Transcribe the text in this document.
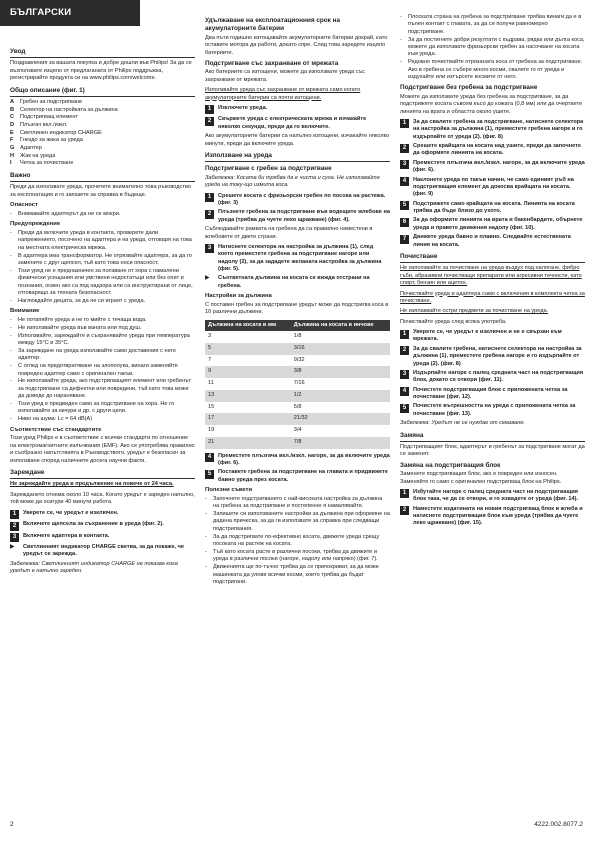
БЪЛГАРСКИ
Увод

Поздравления за вашата покупка и добре дошли във Philips! За да се възползвате изцяло от предлаганата от Philips поддръжка, регистрирайте продукта си на www.philips.com/welcome.

Общо описание (фиг. 1)
A	Гребен за подстригване
B	Селектор на настройката за дължина
C	Подстригващ елемент
D	Плъзгач вкл./изкл.
E	Светлинен индикатор CHARGE
F	Гнездо за жака за уреда
G	Адаптер
H	Жак на уреда
I	Четка за почистване
Важно

Преди да използвате уреда, прочетете внимателно това ръководство за експлоатация и го запазете за справка в бъдеще.

Опасност
- Внимавайте адаптерът да не се мокри.
Предупреждение
- Преди да включите уреда в контакта, проверете дали напрежението, посочено на адаптера и на уреда, отговаря на това на местната електрическа мрежа.
- В адаптера има трансформатор. Не отрязвайте адаптера, за да го замените с друг щепсел, тъй като това носи опасност.
- Този уред не е предназначен за ползване от хора с намалени физически усещания или умствени недостатъци или без опит и познания, освен ако са под надзора или са инструктирани от лице, отговарящо за тяхната безопасност.
- Наглеждайте децата, за да не си играят с уреда.
Внимание
- Не потапяйте уреда и не го мийте с течаща вода.
- Не използвайте уреда във ваната или под душ.
- Използвайте, зареждайте и съхранявайте уреда при температура между 15°C и 35°C.
- За зареждане на уреда използвайте само доставения с него адаптер.
- С оглед на предотвратяване на злополука, винаги заменяйте повреден адаптер само с оригинален такъв.
- Не използвайте уреда, ако подстригващият елемент или гребенът за подстригване са дефектни или повредени, тъй като това може да доведе до нараняване.
- Този уред е предвиден само за подстригване на хора. Не го използвайте за кичури и др. с други цели.
- Ниво на шума: Lc = 64 dB(A)
Съответствие със стандартите

Този уред Philips е в съответствие с всички стандарти по отношение на електромагнитните излъчвания (EMF). Ако се употребява правилно и съобразно напътствията в Ръководството, уредът е безопасен за използване според наличните досега научни факти.

Зареждане

Не зареждайте уреда в продължение на повече от 24 часа.

Зареждането отнема около 10 часа. Когато уредът е зареден напълно, той може да осигури 40 минути работа.

1	Уверете се, че уредът е изключен.
2	Включете щепсела за съхранение в уреда (фиг. 2).
3	Включете адаптера в контакта.
▶	Светлинният индикатор CHARGE светва, за да покаже, че уредът се зарежда.

Забележка: Светлинният индикатор CHARGE не показва кога уредът е напълно зареден.

Удължаване на експлоатационния срок на акумулаторните батерии

Два пъти годишно изтощавайте акумулаторните батерии докрай, като оставите моторa да работи, докато спре. След това заредете изцяло батериите.

Подстригване със захранване от мрежата

Ако батериите са изтощени, можете да използвате уреда със захранване от мрежата.

Използвайте уреда със захранване от мрежата само когато акумулаторните батерии са почти изтощени.

1	Изключете уреда.
2	Свържете уреда с електрическата мрежа и изчакайте няколко секунди, преди да го включите.

Ако акумулаторните батерии са напълно изтощени, изчакайте няколко минути, преди да включите уреда.

Използване на уреда
Подстригване с гребен за подстригване

Забележка: Косата би трябва да е чиста и суха. Не използвайте уреда на току-що измита коса.

1	Срешете косата с фризьорски гребен по посока на растежа. (фиг. 3)
2	Плъзнете гребена за подстригване във водещите жлебове на уреда (трябва да чуете леко щракване) (фиг. 4).

Съблюдавайте рамката на гребена да са правилно наместени в жлебовете от двете страни.

3	Натиснете селектора на настройка за дължина (1), след което преместете гребена за подстригване нагоре или надолу (2), за да зададете желаната настройка за дължина (фиг. 5).
▶	Съответната дължина на косата се вижда отстрани на гребена.
Настройки за дължина

С поставен гребен за подстригване уредът може да подстригва коса в 10 различни дължини.

Дължина на косата в мм	Дължина на косата в инчове
3	1/8
5	3/16
7	9/32
9	3/8
11	7/16
13	1/2
15	5/8
17	21/32
19	3/4
21	7/8
4	Преместете плъзгача вкл./изкл. нагоре, за да включите уреда (фиг. 6).
5	Поставете гребена за подстригване на главата и придвижете бавно уреда през косата.
Полезни съвети
- Започнете подстригването с най-високата настройка за дължина на гребена за подстригване и постепенно я намалявайте.
- Запишете си използваните настройки за дължина при оформяне на дадена прическа, за да ги използвате за справка при следващи подстригвания.
- За да подстригвате по-ефективно косата, движете уреда срещу посоката на растеж на косата.
- Тъй като косата расте в различни посоки, трябва да движите и уреда в различни посоки (нагоре, надолу или напряко) (фиг. 7).
- Движенията ще по-тъчно трябва да се припокриват, за да може машинката да улови всички косми, които трябва да бъдат подстригани.
- Плоската страна на гребена за подстригване трябва винаги да е в пълен контакт с главата, за да се получи равномерно подстригване.
- За да постигнете добри резултати с къдрава, рядка или дълга коса, можете да използвате фризьорски гребен за насочване на косата към уреда.
- Редовно почиствайте отрязаната коса от гребена за подстригване. Ако в гребена се събере много косми, свалете го от уреда и издухайте или изтърсете космите от него.
Подстригване без гребена за подстригване

Можете да използвате уреда без гребена за подстригване, за да подстрижете косата съвсем късо до кожата (0,8 мм) или да очертаете линията на врата и областта около ушите.

1	За да свалите гребена за подстригване, натиснете селектора на настройка за дължина (1), преместете гребена нагоре и го издърпайте от уреда (2). (фиг. 8)
2	Срешете крайщата на косата над ушите, преди да започнете да оформяте линията на косата.
3	Преместете плъзгача вкл./изкл. нагоре, за да включите уреда (фиг. 6).
4	Наклонете уреда по такъв начин, че само единият ръб на подстригващия елемент да докосва крайщата на косата. (фиг. 9)
5	Подстрижете само крайщата на косата. Линията на косата трябва да бъде близо до ухото.
6	За да оформите линията на врата и бакенбардите, обърнете уреда и правете движения надолу (фиг. 10).
7	Движете уреда бавно и плавно. Следвайте естествената линия на косата.
Почистване

Не използвайте за почистване на уреда въздух под налягане, фибро гъби, абразивни почистващи препарати или агресивни течности, като спирт, бензин или ацетон.

Почиствайте уреда и адаптера само с включения в комплекта четка за почистване.

Не изплаквайте остри предмети за почистване на уреда.

Почиствайте уреда след всяка употреба.

1	Уверете се, че уредът е изключен и не е свързан към мрежата.
2	За да свалите гребена, натиснете селектора на настройка за дължина (1), преместете гребена нагоре и го издърпайте от уреда (2). (фиг. 8)
3	Издърпайте нагоре с палец средната част на подстригващия блок, докато се отвори (фиг. 11).
4	Почистете подстригващия блок с приложената четка за почистване (фиг. 12).
5	Почистете вътрешността на уреда с приложената четка за почистване (фиг. 13).

Забележка: Уредът не се нуждае от смазване.

Замяна

Подстригващият блок, адаптерът и гребенът за подстригване могат да се заменят.

Замяна на подстригващия блок

Заменете подстригващия блок, ако е повреден или износен. Заменяйте го само с оригинален подстригващ блок на Philips.

1	Избутайте нагоре с палец средната част на подстригващия блок така, че да се отвори, и го извадете от уреда (фиг. 14).
2	Наместете издатината на новия подстригващ блок в жлеба и натиснете подстригващия блок към уреда (трябва да чуете леко щракване) (фиг. 15).
2	4222.002.8077.2
